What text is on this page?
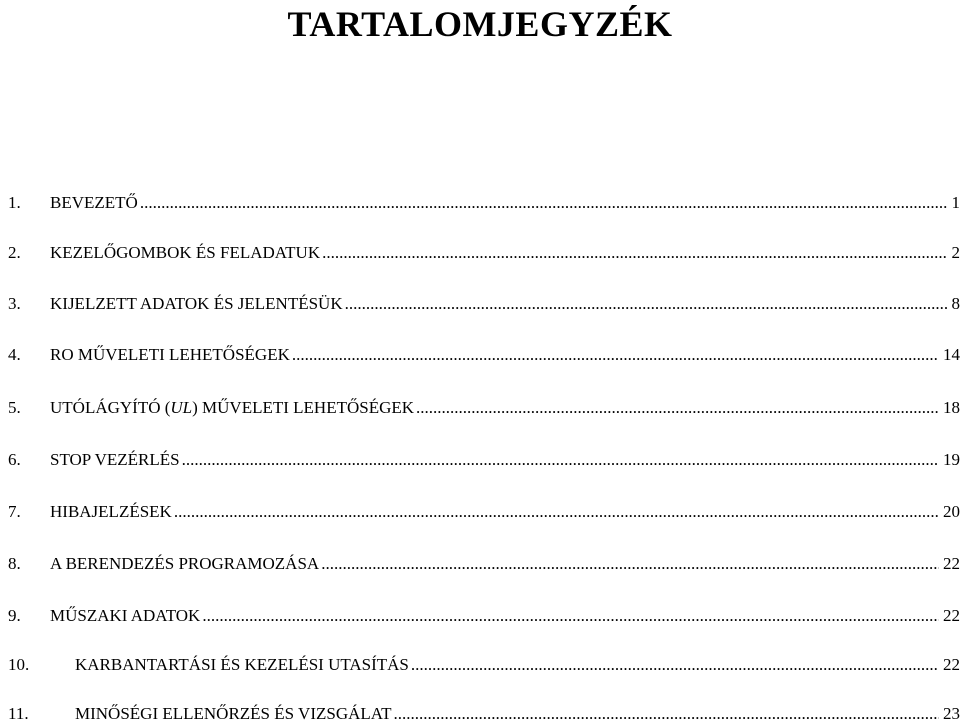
TARTALOMJEGYZÉK
1.	BEVEZETŐ .....	1
2.	KEZELŐGOMBOK ÉS FELADATUK .....	2
3.	KIJELZETT ADATOK ÉS JELENTÉSÜK .....	8
4.	RO MŰVELETI LEHETŐSÉGEK .....	14
5.	UTÓLÁGYÍTÓ (UL) MŰVELETI LEHETŐSÉGEK .....	18
6.	STOP VEZÉRLÉS .....	19
7.	HIBAJELZÉSEK .....	20
8.	A BERENDEZÉS PROGRAMOZÁSA .....	22
9.	MŰSZAKI ADATOK .....	22
10.	KARBANTARTÁSI ÉS KEZELÉSI UTASÍTÁS .....	22
11.	MINŐSÉGI ELLENŐRZÉS ÉS VIZSGÁLAT .....	23
